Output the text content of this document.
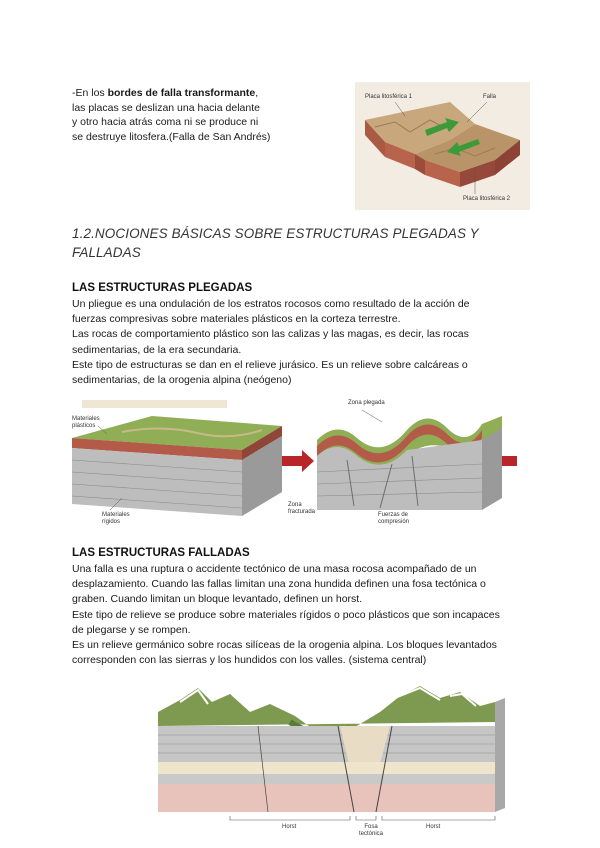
-En los bordes de falla transformante,
las placas se deslizan una hacia delante
y otro hacia atrás coma ni se produce ni
se destruye litosfera.(Falla de San Andrés)
Placa litosférica 1	Falla
Placa litosférica 2
1.2.NOCIONES BÁSICAS SOBRE ESTRUCTURAS PLEGADAS Y
FALLADAS
LAS ESTRUCTURAS PLEGADAS

Un pliegue es una ondulación de los estratos rocosos como resultado de la acción de

fuerzas compresivas sobre materiales plásticos en la corteza terrestre.

Las rocas de comportamiento plástico son las calizas y las magas, es decir, las rocas

sedimentarias, de la era secundaria.

Este tipo de estructuras se dan en el relieve jurásico. Es un relieve sobre calcáreas o

sedimentarias, de la orogenia alpina (neógeno)

Materiales plásticos
Materiales rígidos
Zona plegada
Zona fracturada	Fuerzas de compresión
LAS ESTRUCTURAS FALLADAS

Una falla es una ruptura o accidente tectónico de una masa rocosa acompañado de un

desplazamiento. Cuando las fallas limitan una zona hundida definen una fosa tectónica o

graben. Cuando limitan un bloque levantado, definen un horst.

Este tipo de relieve se produce sobre materiales rígidos o poco plásticos que son incapaces

de plegarse y se rompen.

Es un relieve germánico sobre rocas silíceas de la orogenia alpina. Los bloques levantados

corresponden con las sierras y los hundidos con los valles. (sistema central)

Horst	Fosa tectónica
Horst
